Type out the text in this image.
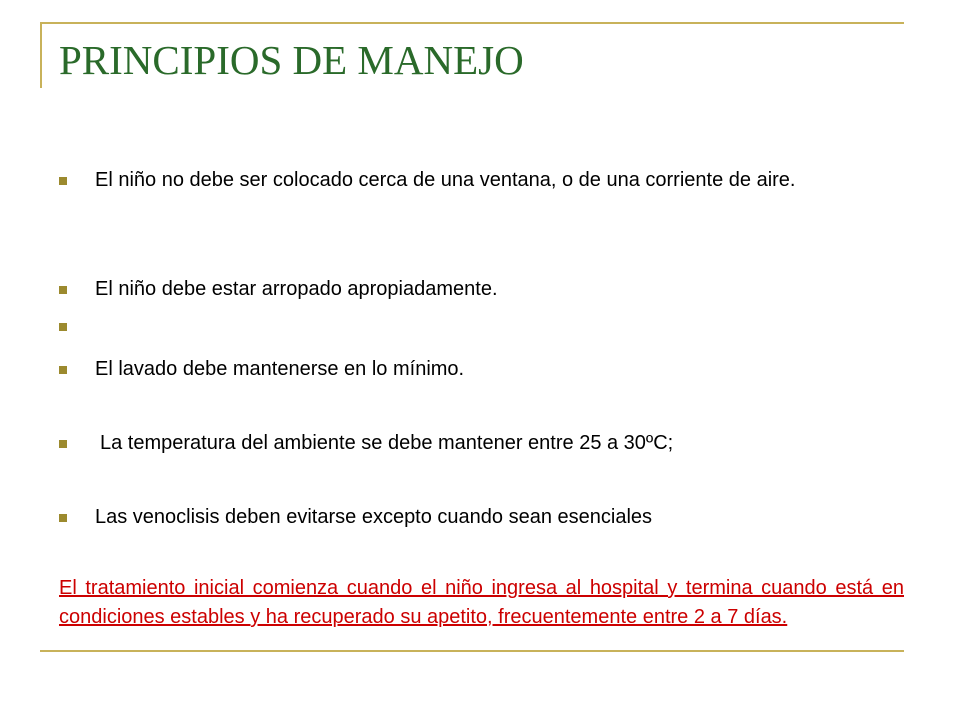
PRINCIPIOS DE MANEJO
El niño no debe ser colocado cerca de una ventana, o de una corriente de aire.
El niño debe estar arropado apropiadamente.
El lavado debe mantenerse en lo mínimo.
La temperatura del ambiente se debe mantener entre 25 a 30ºC;
Las venoclisis deben evitarse excepto cuando sean esenciales

El tratamiento inicial comienza cuando el niño ingresa al hospital y termina cuando está en condiciones estables y ha recuperado su apetito, frecuentemente entre 2 a 7 días.
